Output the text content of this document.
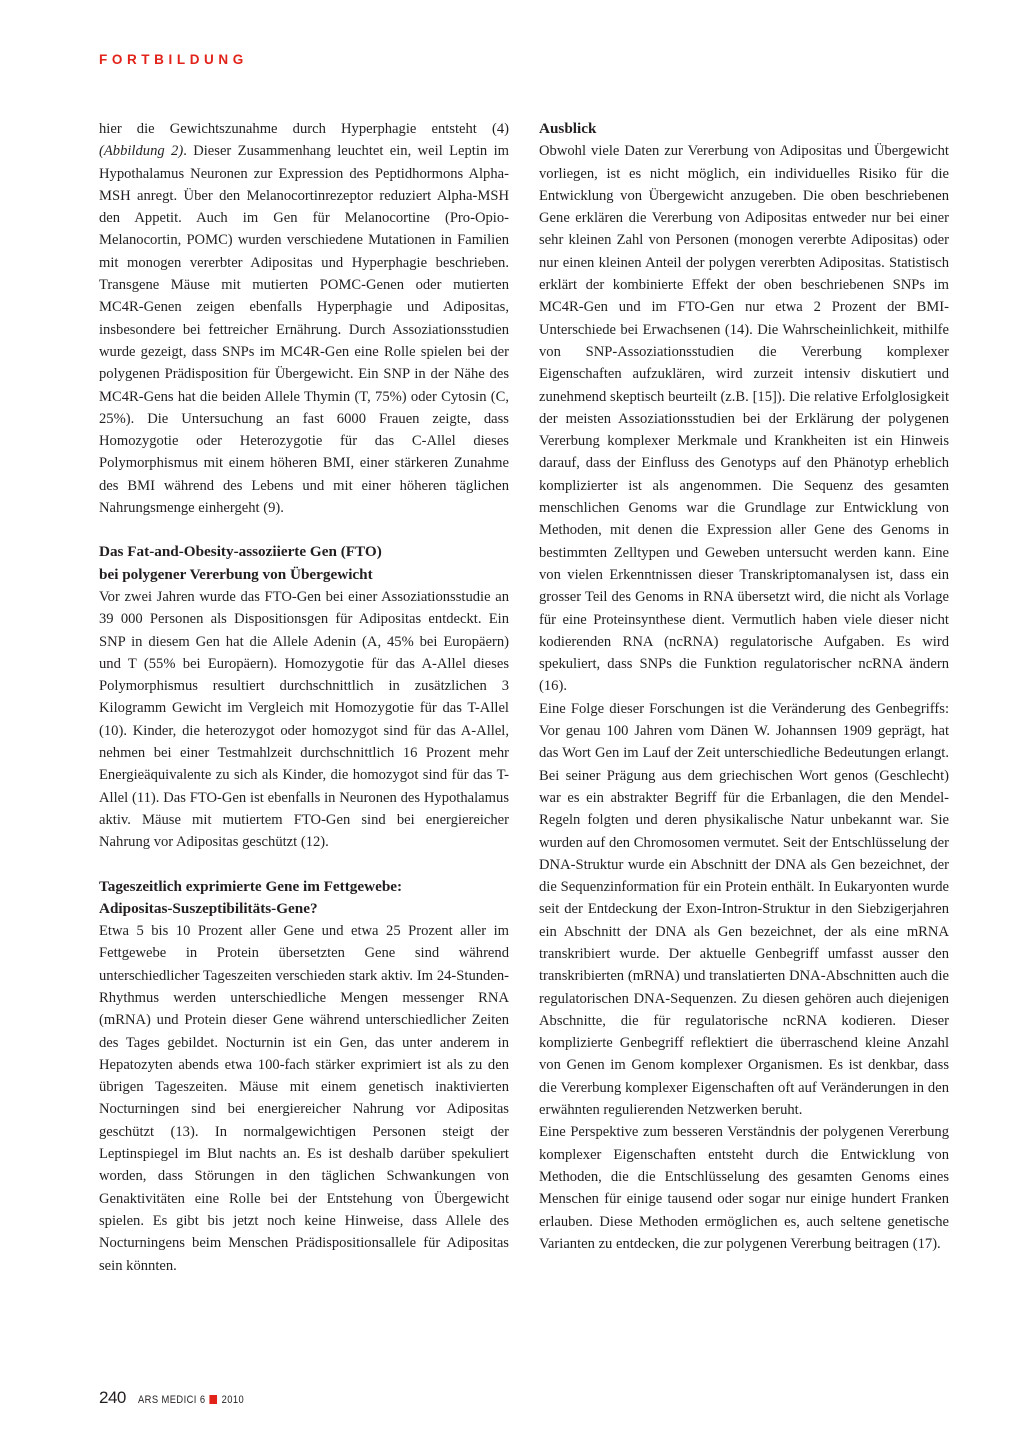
FORTBILDUNG

hier die Gewichtszunahme durch Hyperphagie entsteht (4) (Abbildung 2). Dieser Zusammenhang leuchtet ein, weil Leptin im Hypothalamus Neuronen zur Expression des Peptidhormons Alpha-MSH anregt. Über den Melanocortinrezeptor reduziert Alpha-MSH den Appetit. Auch im Gen für Melanocortine (Pro-Opio-Melanocortin, POMC) wurden verschiedene Mutationen in Familien mit monogen vererbter Adipositas und Hyperphagie beschrieben. Transgene Mäuse mit mutierten POMC-Genen oder mutierten MC4R-Genen zeigen ebenfalls Hyperphagie und Adipositas, insbesondere bei fettreicher Ernährung. Durch Assoziationsstudien wurde gezeigt, dass SNPs im MC4R-Gen eine Rolle spielen bei der polygenen Prädisposition für Übergewicht. Ein SNP in der Nähe des MC4R-Gens hat die beiden Allele Thymin (T, 75%) oder Cytosin (C, 25%). Die Untersuchung an fast 6000 Frauen zeigte, dass Homozygotie oder Heterozygotie für das C-Allel dieses Polymorphismus mit einem höheren BMI, einer stärkeren Zunahme des BMI während des Lebens und mit einer höheren täglichen Nahrungsmenge einhergeht (9).

Das Fat-and-Obesity-assoziierte Gen (FTO)
bei polygener Vererbung von Übergewicht

Vor zwei Jahren wurde das FTO-Gen bei einer Assoziationsstudie an 39 000 Personen als Dispositionsgen für Adipositas entdeckt. Ein SNP in diesem Gen hat die Allele Adenin (A, 45% bei Europäern) und T (55% bei Europäern). Homozygotie für das A-Allel dieses Polymorphismus resultiert durchschnittlich in zusätzlichen 3 Kilogramm Gewicht im Vergleich mit Homozygotie für das T-Allel (10). Kinder, die heterozygot oder homozygot sind für das A-Allel, nehmen bei einer Testmahlzeit durchschnittlich 16 Prozent mehr Energieäquivalente zu sich als Kinder, die homozygot sind für das T-Allel (11). Das FTO-Gen ist ebenfalls in Neuronen des Hypothalamus aktiv. Mäuse mit mutiertem FTO-Gen sind bei energiereicher Nahrung vor Adipositas geschützt (12).

Tageszeitlich exprimierte Gene im Fettgewebe:
Adipositas-Suszeptibilitäts-Gene?

Etwa 5 bis 10 Prozent aller Gene und etwa 25 Prozent aller im Fettgewebe in Protein übersetzten Gene sind während unterschiedlicher Tageszeiten verschieden stark aktiv. Im 24-Stunden-Rhythmus werden unterschiedliche Mengen messenger RNA (mRNA) und Protein dieser Gene während unterschiedlicher Zeiten des Tages gebildet. Nocturnin ist ein Gen, das unter anderem in Hepatozyten abends etwa 100-fach stärker exprimiert ist als zu den übrigen Tageszeiten. Mäuse mit einem genetisch inaktivierten Nocturningen sind bei energiereicher Nahrung vor Adipositas geschützt (13). In normalgewichtigen Personen steigt der Leptinspiegel im Blut nachts an. Es ist deshalb darüber spekuliert worden, dass Störungen in den täglichen Schwankungen von Genaktivitäten eine Rolle bei der Entstehung von Übergewicht spielen. Es gibt bis jetzt noch keine Hinweise, dass Allele des Nocturningens beim Menschen Prädispositionsallele für Adipositas sein könnten.

Ausblick

Obwohl viele Daten zur Vererbung von Adipositas und Übergewicht vorliegen, ist es nicht möglich, ein individuelles Risiko für die Entwicklung von Übergewicht anzugeben. Die oben beschriebenen Gene erklären die Vererbung von Adipositas entweder nur bei einer sehr kleinen Zahl von Personen (monogen vererbte Adipositas) oder nur einen kleinen Anteil der polygen vererbten Adipositas. Statistisch erklärt der kombinierte Effekt der oben beschriebenen SNPs im MC4R-Gen und im FTO-Gen nur etwa 2 Prozent der BMI-Unterschiede bei Erwachsenen (14). Die Wahrscheinlichkeit, mithilfe von SNP-Assoziationsstudien die Vererbung komplexer Eigenschaften aufzuklären, wird zurzeit intensiv diskutiert und zunehmend skeptisch beurteilt (z.B. [15]). Die relative Erfolglosigkeit der meisten Assoziationsstudien bei der Erklärung der polygenen Vererbung komplexer Merkmale und Krankheiten ist ein Hinweis darauf, dass der Einfluss des Genotyps auf den Phänotyp erheblich komplizierter ist als angenommen. Die Sequenz des gesamten menschlichen Genoms war die Grundlage zur Entwicklung von Methoden, mit denen die Expression aller Gene des Genoms in bestimmten Zelltypen und Geweben untersucht werden kann. Eine von vielen Erkenntnissen dieser Transkriptomanalysen ist, dass ein grosser Teil des Genoms in RNA übersetzt wird, die nicht als Vorlage für eine Proteinsynthese dient. Vermutlich haben viele dieser nicht kodierenden RNA (ncRNA) regulatorische Aufgaben. Es wird spekuliert, dass SNPs die Funktion regulatorischer ncRNA ändern (16).

Eine Folge dieser Forschungen ist die Veränderung des Genbegriffs: Vor genau 100 Jahren vom Dänen W. Johannsen 1909 geprägt, hat das Wort Gen im Lauf der Zeit unterschiedliche Bedeutungen erlangt. Bei seiner Prägung aus dem griechischen Wort genos (Geschlecht) war es ein abstrakter Begriff für die Erbanlagen, die den Mendel-Regeln folgten und deren physikalische Natur unbekannt war. Sie wurden auf den Chromosomen vermutet. Seit der Entschlüsselung der DNA-Struktur wurde ein Abschnitt der DNA als Gen bezeichnet, der die Sequenzinformation für ein Protein enthält. In Eukaryonten wurde seit der Entdeckung der Exon-Intron-Struktur in den Siebzigerjahren ein Abschnitt der DNA als Gen bezeichnet, der als eine mRNA transkribiert wurde. Der aktuelle Genbegriff umfasst ausser den transkribierten (mRNA) und translatierten DNA-Abschnitten auch die regulatorischen DNA-Sequenzen. Zu diesen gehören auch diejenigen Abschnitte, die für regulatorische ncRNA kodieren. Dieser komplizierte Genbegriff reflektiert die überraschend kleine Anzahl von Genen im Genom komplexer Organismen. Es ist denkbar, dass die Vererbung komplexer Eigenschaften oft auf Veränderungen in den erwähnten regulierenden Netzwerken beruht.

Eine Perspektive zum besseren Verständnis der polygenen Vererbung komplexer Eigenschaften entsteht durch die Entwicklung von Methoden, die die Entschlüsselung des gesamten Genoms eines Menschen für einige tausend oder sogar nur einige hundert Franken erlauben. Diese Methoden ermöglichen es, auch seltene genetische Varianten zu entdecken, die zur polygenen Vererbung beitragen (17).

240 ARS MEDICI 6 2010
